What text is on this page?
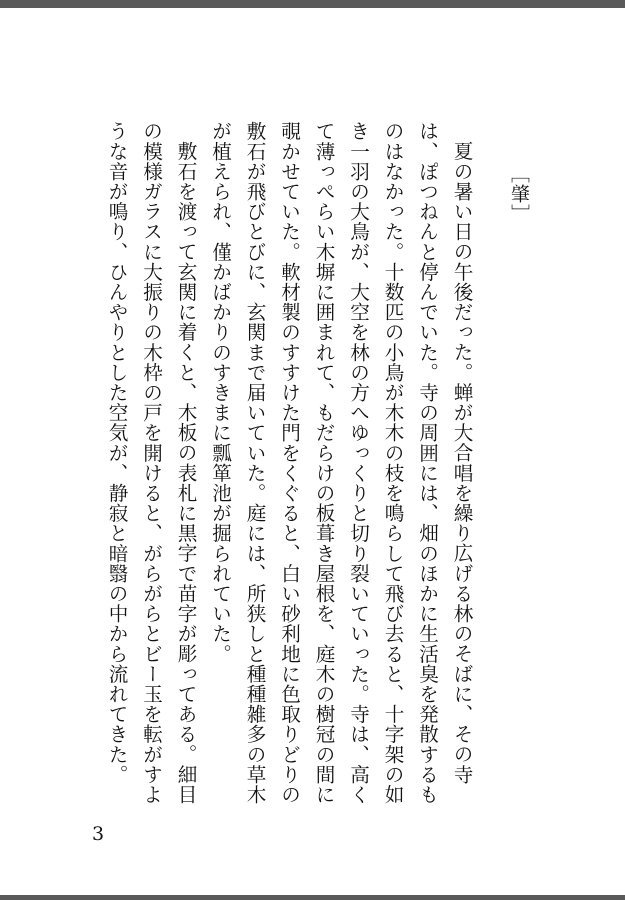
［肇］

夏の暑い日の午後だった。蝉が大合唱を繰り広げる林のそばに、その寺は、ぽつねんと停んでいた。寺の周囲には、畑のほかに生活臭を発散するものはなかった。十数匹の小鳥が木木の枝を鳴らして飛び去ると、十字架の如き一羽の大鳥が、大空を林の方へゆっくりと切り裂いていった。寺は、高くて薄っぺらい木塀に囲まれて、もだらけの板葺き屋根を、庭木の樹冠の間に覗かせていた。軟材製のすすけた門をくぐると、白い砂利地に色取りどりの敷石が飛びとびに、玄関まで届いていた。庭には、所狭しと種種雑多の草木が植えられ、僅かばかりのすきまに瓢箪池が掘られていた。

敷石を渡って玄関に着くと、木板の表札に黒字で苗字が彫ってある。細目の模様ガラスに大振りの木枠の戸を開けると、がらがらとビー玉を転がすような音が鳴り、ひんやりとした空気が、静寂と暗翳の中から流れてきた。

3
